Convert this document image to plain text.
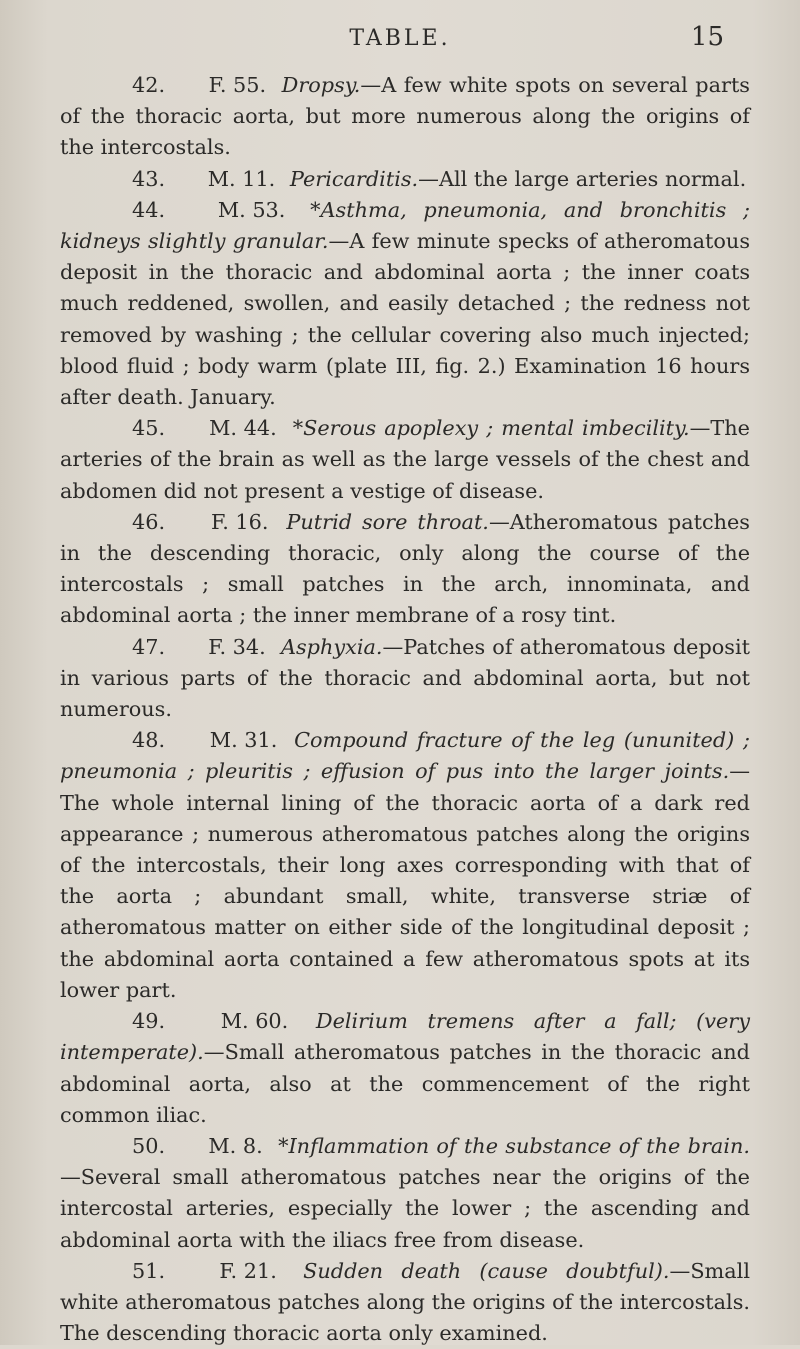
TABLE.	15

42. F. 55. Dropsy.—A few white spots on several parts of the thoracic aorta, but more numerous along the origins of the intercostals.

43. M. 11. Pericarditis.—All the large arteries normal.

44.	M. 53. *Asthma, pneumonia, and bronchitis ; kidneys slightly granular.—A few minute specks of atheromatous deposit in the thoracic and abdominal aorta ; the inner coats much reddened, swollen, and easily detached ; the redness not removed by washing ; the cellular covering also much injected; blood fluid ; body warm (plate III, fig. 2.) Examination 16 hours after death. January.

45. M. 44. *Serous apoplexy ; mental imbecility.—The arteries of the brain as well as the large vessels of the chest and abdomen did not present a vestige of disease.

46. F. 16. Putrid sore throat.—Atheromatous patches in the descending thoracic, only along the course of the intercostals ; small patches in the arch, innominata, and abdominal aorta ; the inner membrane of a rosy tint.

47. F. 34. Asphyxia.—Patches of atheromatous deposit in various parts of the thoracic and abdominal aorta, but not numerous.

48. M. 31. Compound fracture of the leg (ununited) ; pneumonia ; pleuritis ; effusion of pus into the larger joints.—The whole internal lining of the thoracic aorta of a dark red appearance ; numerous atheromatous patches along the origins of the intercostals, their long axes corresponding with that of the aorta ; abundant small, white, transverse striæ of atheromatous matter on either side of the longitudinal deposit ; the abdominal aorta contained a few atheromatous spots at its lower part.

49.	M. 60. Delirium tremens after a fall; (very intemperate).—Small atheromatous patches in the thoracic and abdominal aorta, also at the commencement of the right common iliac.

50. M. 8. *Inflammation of the substance of the brain.—Several small atheromatous patches near the origins of the intercostal arteries, especially the lower ; the ascending and abdominal aorta with the iliacs free from disease.

51.	F. 21. Sudden death (cause doubtful).—Small white atheromatous patches along the origins of the intercostals. The descending thoracic aorta only examined.
